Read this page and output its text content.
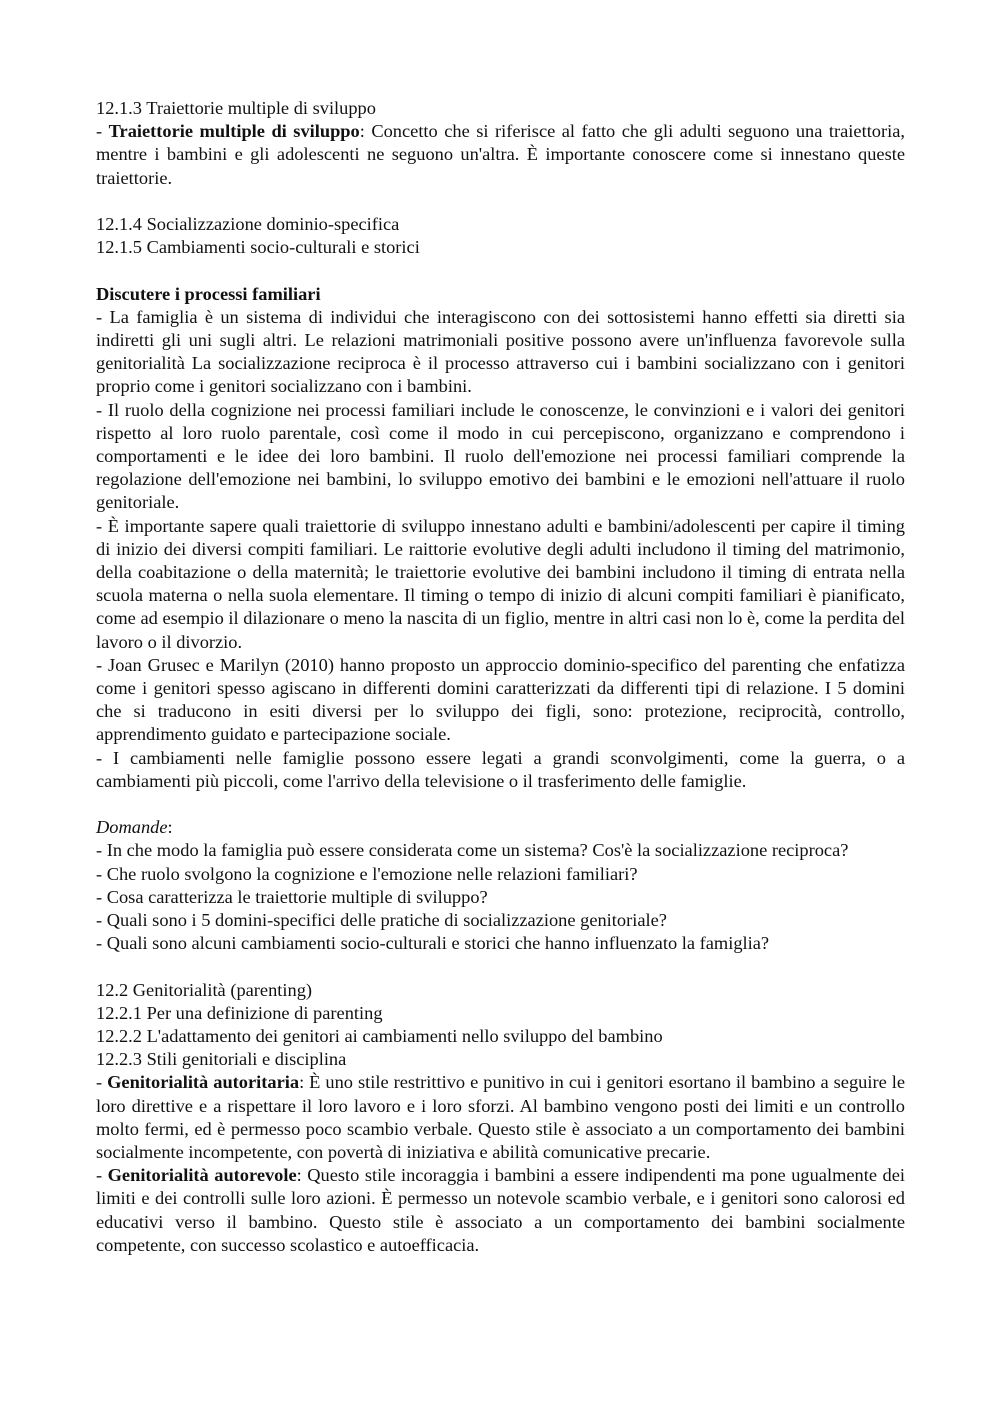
12.1.3 Traiettorie multiple di sviluppo
- Traiettorie multiple di sviluppo: Concetto che si riferisce al fatto che gli adulti seguono una traiettoria, mentre i bambini e gli adolescenti ne seguono un'altra. È importante conoscere come si innestano queste traiettorie.
12.1.4 Socializzazione dominio-specifica
12.1.5 Cambiamenti socio-culturali e storici
Discutere i processi familiari
- La famiglia è un sistema di individui che interagiscono con dei sottosistemi hanno effetti sia diretti sia indiretti gli uni sugli altri. Le relazioni matrimoniali positive possono avere un'influenza favorevole sulla genitorialità La socializzazione reciproca è il processo attraverso cui i bambini socializzano con i genitori proprio come i genitori socializzano con i bambini.
- Il ruolo della cognizione nei processi familiari include le conoscenze, le convinzioni e i valori dei genitori rispetto al loro ruolo parentale, così come il modo in cui percepiscono, organizzano e comprendono i comportamenti e le idee dei loro bambini. Il ruolo dell'emozione nei processi familiari comprende la regolazione dell'emozione nei bambini, lo sviluppo emotivo dei bambini e le emozioni nell'attuare il ruolo genitoriale.
- È importante sapere quali traiettorie di sviluppo innestano adulti e bambini/adolescenti per capire il timing di inizio dei diversi compiti familiari. Le raittorie evolutive degli adulti includono il timing del matrimonio, della coabitazione o della maternità; le traiettorie evolutive dei bambini includono il timing di entrata nella scuola materna o nella suola elementare. Il timing o tempo di inizio di alcuni compiti familiari è pianificato, come ad esempio il dilazionare o meno la nascita di un figlio, mentre in altri casi non lo è, come la perdita del lavoro o il divorzio.
- Joan Grusec e Marilyn (2010) hanno proposto un approccio dominio-specifico del parenting che enfatizza come i genitori spesso agiscano in differenti domini caratterizzati da differenti tipi di relazione. I 5 domini che si traducono in esiti diversi per lo sviluppo dei figli, sono: protezione, reciprocità, controllo, apprendimento guidato e partecipazione sociale.
- I cambiamenti nelle famiglie possono essere legati a grandi sconvolgimenti, come la guerra, o a cambiamenti più piccoli, come l'arrivo della televisione o il trasferimento delle famiglie.
Domande:
- In che modo la famiglia può essere considerata come un sistema? Cos'è la socializzazione reciproca?
- Che ruolo svolgono la cognizione e l'emozione nelle relazioni familiari?
- Cosa caratterizza le traiettorie multiple di sviluppo?
- Quali sono i 5 domini-specifici delle pratiche di socializzazione genitoriale?
- Quali sono alcuni cambiamenti socio-culturali e storici che hanno influenzato la famiglia?
12.2 Genitorialità (parenting)
12.2.1 Per una definizione di parenting
12.2.2 L'adattamento dei genitori ai cambiamenti nello sviluppo del bambino
12.2.3 Stili genitoriali e disciplina
- Genitorialità autoritaria: È uno stile restrittivo e punitivo in cui i genitori esortano il bambino a seguire le loro direttive e a rispettare il loro lavoro e i loro sforzi. Al bambino vengono posti dei limiti e un controllo molto fermi, ed è permesso poco scambio verbale. Questo stile è associato a un comportamento dei bambini socialmente incompetente, con povertà di iniziativa e abilità comunicative precarie.
- Genitorialità autorevole: Questo stile incoraggia i bambini a essere indipendenti ma pone ugualmente dei limiti e dei controlli sulle loro azioni. È permesso un notevole scambio verbale, e i genitori sono calorosi ed educativi verso il bambino. Questo stile è associato a un comportamento dei bambini socialmente competente, con successo scolastico e autoefficacia.
